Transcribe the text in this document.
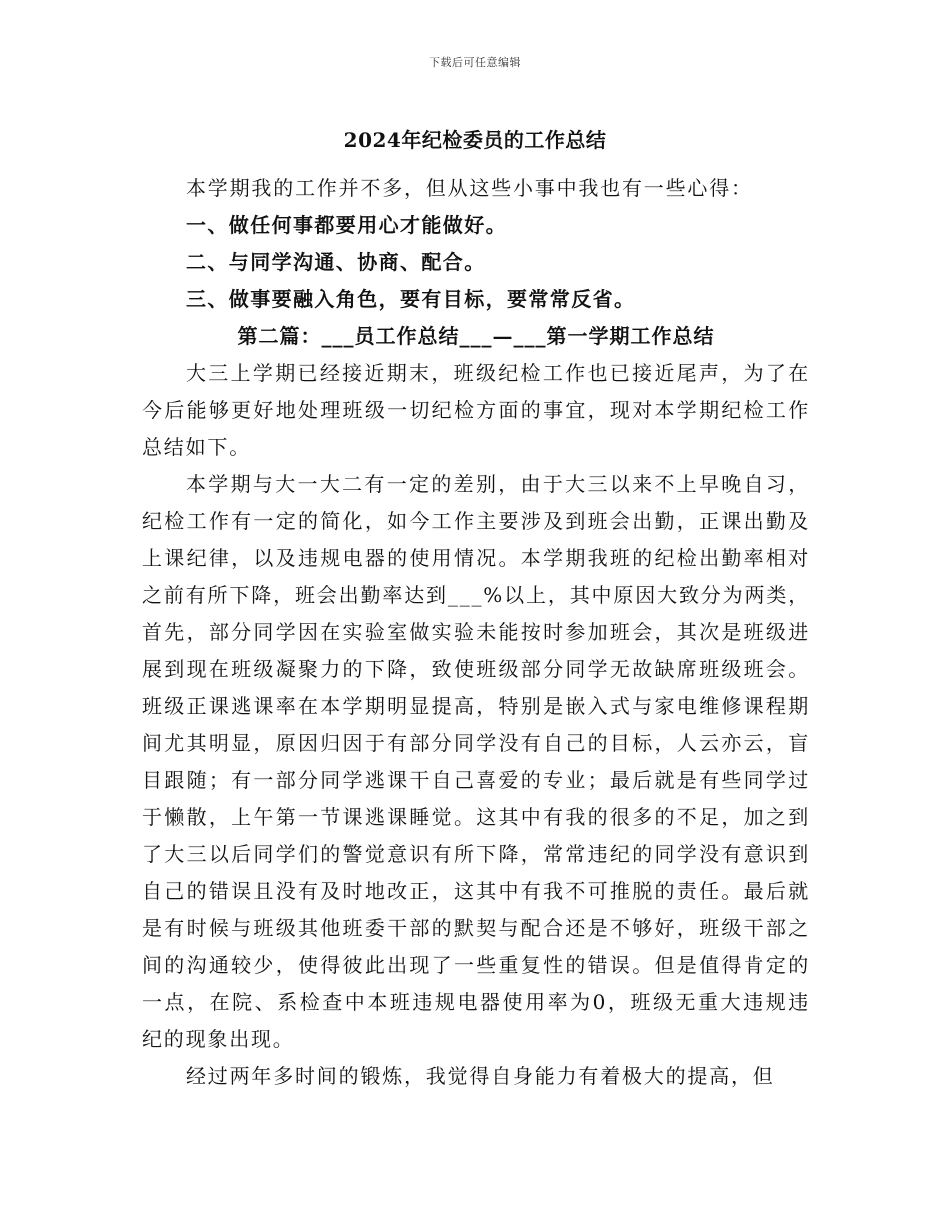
下载后可任意编辑
2024年纪检委员的工作总结

本学期我的工作并不多，但从这些小事中我也有一些心得：

一、做任何事都要用心才能做好。

二、与同学沟通、协商、配合。

三、做事要融入角色，要有目标，要常常反省。

第二篇：___员工作总结___—___第一学期工作总结

大三上学期已经接近期末，班级纪检工作也已接近尾声，为了在今后能够更好地处理班级一切纪检方面的事宜，现对本学期纪检工作总结如下。

本学期与大一大二有一定的差别，由于大三以来不上早晚自习，纪检工作有一定的简化，如今工作主要涉及到班会出勤，正课出勤及上课纪律，以及违规电器的使用情况。本学期我班的纪检出勤率相对之前有所下降，班会出勤率达到___%以上，其中原因大致分为两类，首先，部分同学因在实验室做实验未能按时参加班会，其次是班级进展到现在班级凝聚力的下降，致使班级部分同学无故缺席班级班会。班级正课逃课率在本学期明显提高，特别是嵌入式与家电维修课程期间尤其明显，原因归因于有部分同学没有自己的目标，人云亦云，盲目跟随；有一部分同学逃课干自己喜爱的专业；最后就是有些同学过于懒散，上午第一节课逃课睡觉。这其中有我的很多的不足，加之到了大三以后同学们的警觉意识有所下降，常常违纪的同学没有意识到自己的错误且没有及时地改正，这其中有我不可推脱的责任。最后就是有时候与班级其他班委干部的默契与配合还是不够好，班级干部之间的沟通较少，使得彼此出现了一些重复性的错误。但是值得肯定的一点，在院、系检查中本班违规电器使用率为0，班级无重大违规违纪的现象出现。

经过两年多时间的锻炼，我觉得自身能力有着极大的提高，但
